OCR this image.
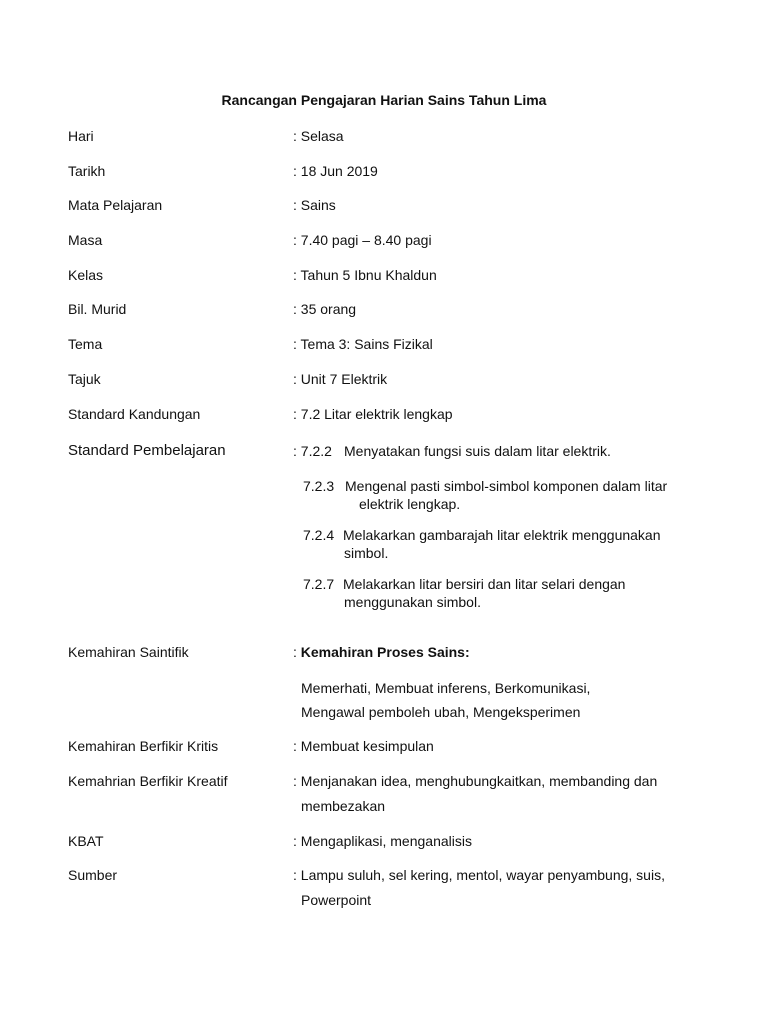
Rancangan Pengajaran Harian Sains Tahun Lima
Hari	: Selasa
Tarikh	: 18 Jun 2019
Mata Pelajaran	: Sains
Masa	: 7.40 pagi – 8.40 pagi
Kelas	: Tahun 5 Ibnu Khaldun
Bil. Murid	: 35 orang
Tema	: Tema 3: Sains Fizikal
Tajuk	: Unit 7 Elektrik
Standard Kandungan	: 7.2 Litar elektrik lengkap
Standard Pembelajaran	: 7.2.2 Menyatakan fungsi suis dalam litar elektrik.
7.2.3 Mengenal pasti simbol-simbol komponen dalam litar
elektrik lengkap.
7.2.4 Melakarkan gambarajah litar elektrik menggunakan
simbol.
7.2.7 Melakarkan litar bersiri dan litar selari dengan
menggunakan simbol.
Kemahiran Saintifik	: Kemahiran Proses Sains:
Memerhati, Membuat inferens, Berkomunikasi,
Mengawal pemboleh ubah, Mengeksperimen
Kemahiran Berfikir Kritis	: Membuat kesimpulan
Kemahrian Berfikir Kreatif	: Menjanakan idea, menghubungkaitkan, membanding dan
membezakan
KBAT	: Mengaplikasi, menganalisis
Sumber	: Lampu suluh, sel kering, mentol, wayar penyambung, suis,
Powerpoint
